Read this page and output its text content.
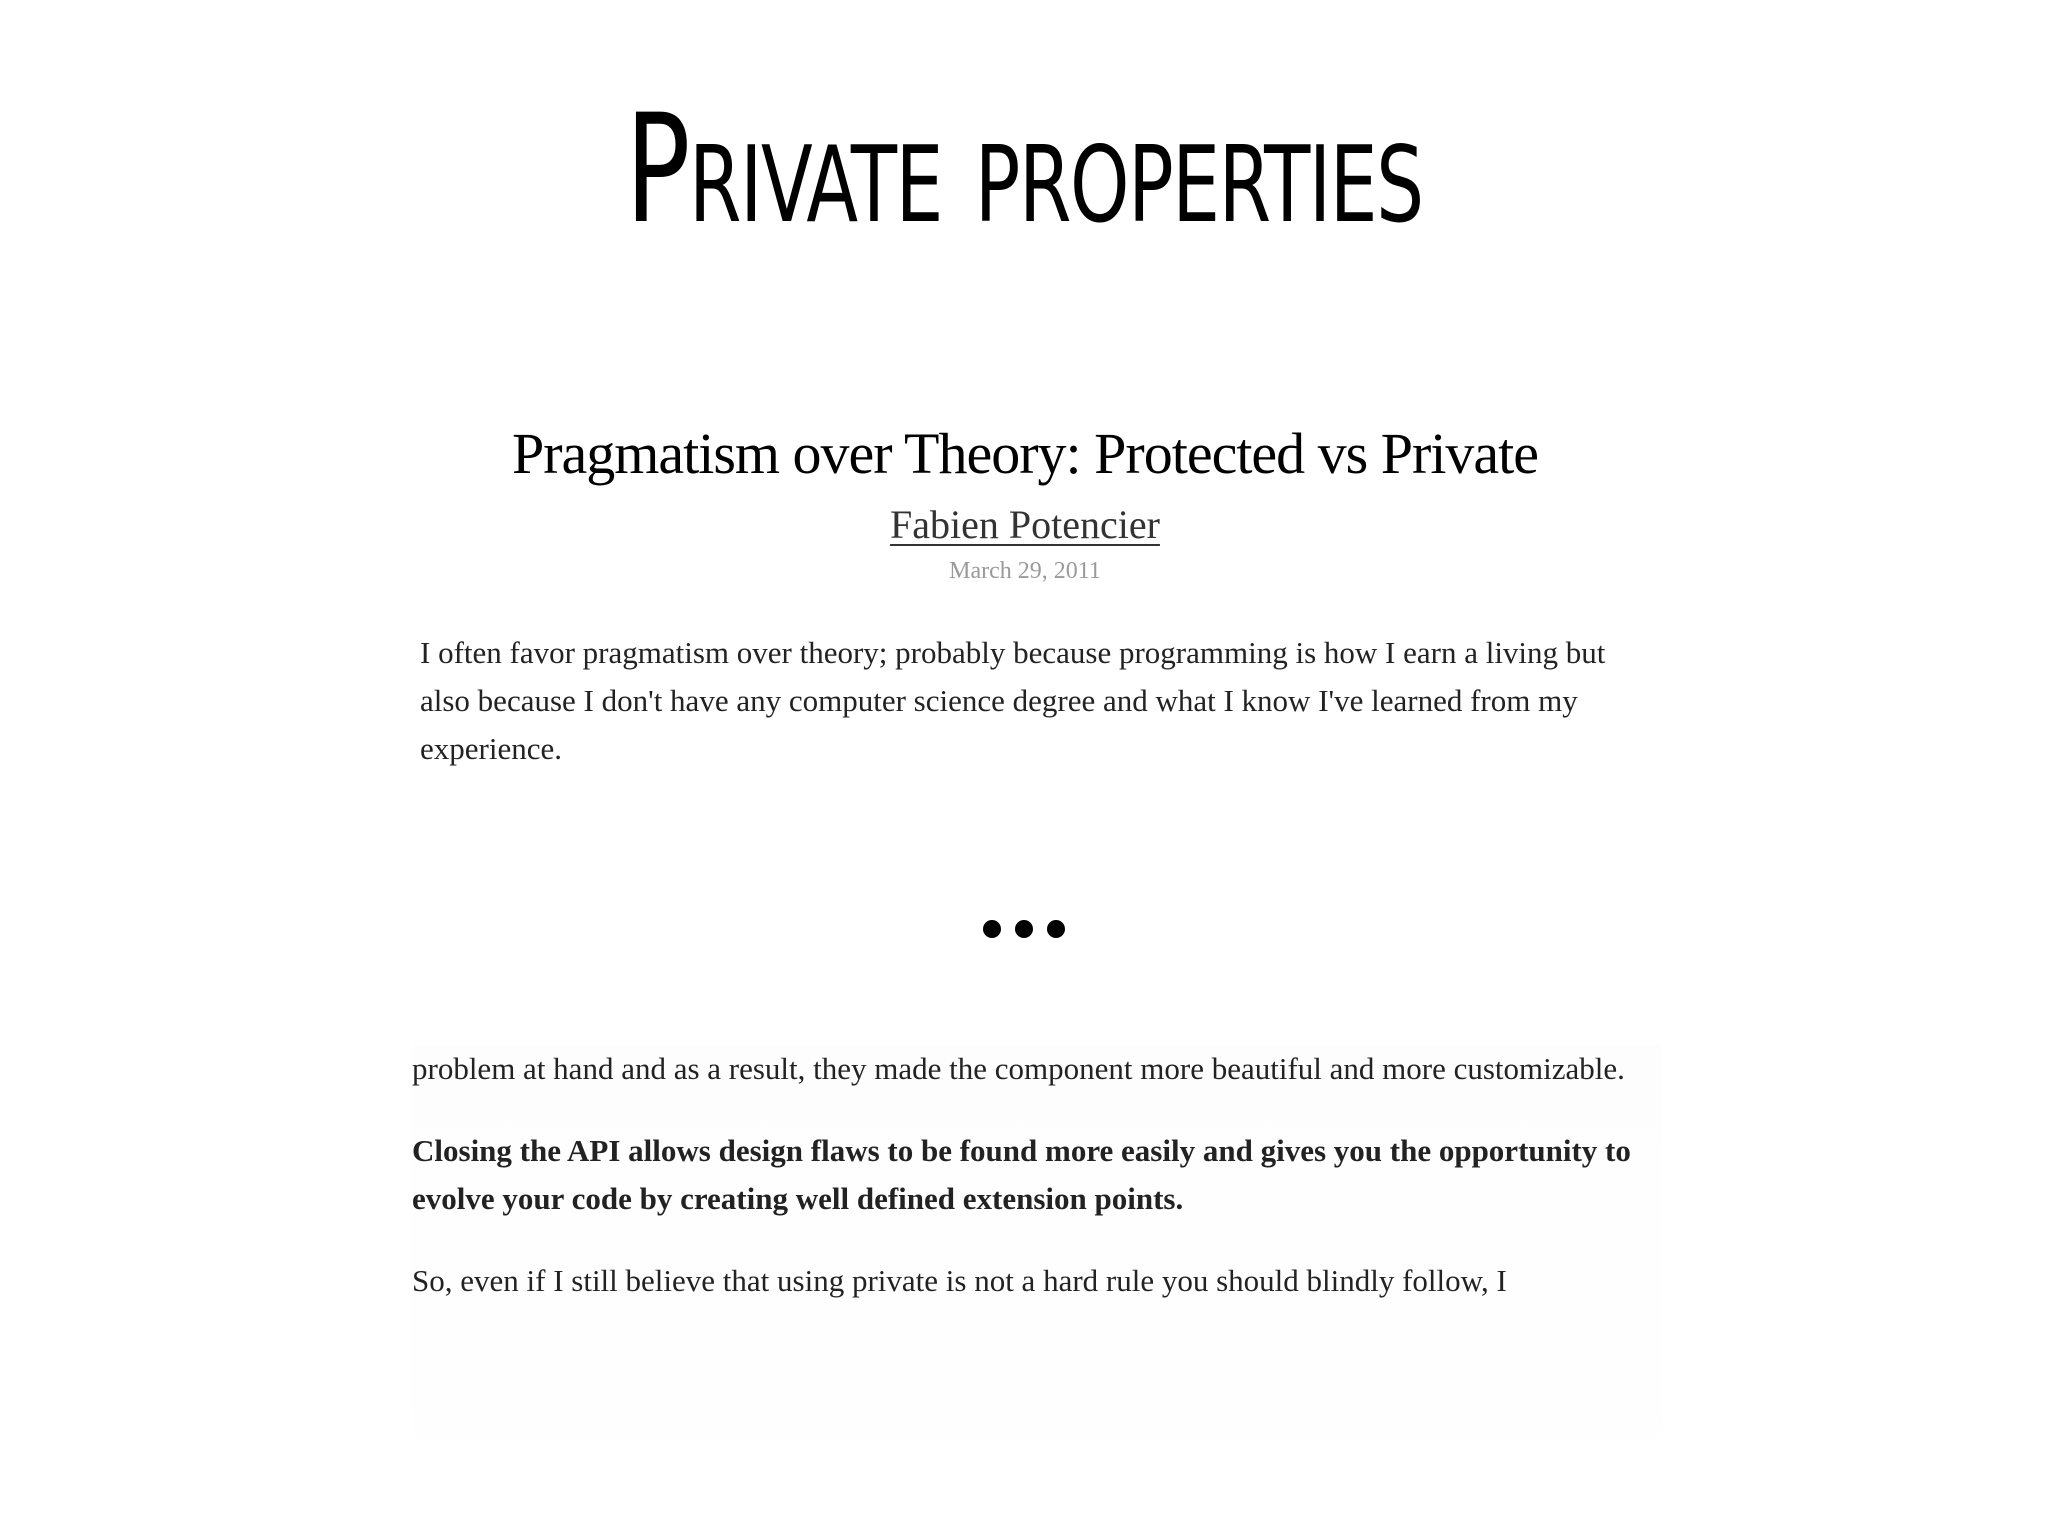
Private properties
Pragmatism over Theory: Protected vs Private
Fabien Potencier
March 29, 2011

I often favor pragmatism over theory; probably because programming is how I earn a living but also because I don't have any computer science degree and what I know I've learned from my experience.

problem at hand and as a result, they made the component more beautiful and more customizable.

Closing the API allows design flaws to be found more easily and gives you the opportunity to evolve your code by creating well defined extension points.

So, even if I still believe that using private is not a hard rule you should blindly follow, I
